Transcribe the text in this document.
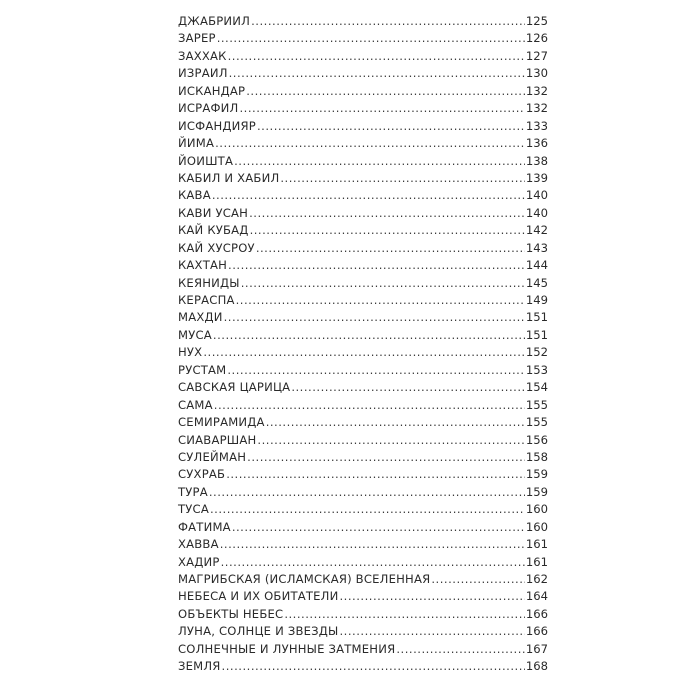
ДЖАБРИИЛ .....	125
ЗАРЕР .....	126
ЗАХХАК .....	127
ИЗРАИЛ .....	130
ИСКАНДАР .....	132
ИСРАФИЛ .....	132
ИСФАНДИЯР .....	133
ЙИМА .....	136
ЙОИШТА .....	138
КАБИЛ И ХАБИЛ .....	139
КАВА .....	140
КАВИ УСАН .....	140
КАЙ КУБАД .....	142
КАЙ ХУСРОУ .....	143
КАХТАН .....	144
КЕЯНИДЫ .....	145
КЕРАСПА .....	149
МАХДИ .....	151
МУСА .....	151
НУХ .....	152
РУСТАМ .....	153
САВСКАЯ ЦАРИЦА .....	154
САМА .....	155
СЕМИРАМИДА .....	155
СИАВАРШАН .....	156
СУЛЕЙМАН .....	158
СУХРАБ .....	159
ТУРА .....	159
ТУСА .....	160
ФАТИМА .....	160
ХАВВА .....	161
ХАДИР .....	161
МАГРИБСКАЯ (ИСЛАМСКАЯ) ВСЕЛЕННАЯ .....	162
НЕБЕСА И ИХ ОБИТАТЕЛИ .....	164
ОБЪЕКТЫ НЕБЕС .....	166
ЛУНА, СОЛНЦЕ И ЗВЕЗДЫ .....	166
СОЛНЕЧНЫЕ И ЛУННЫЕ ЗАТМЕНИЯ .....	167
ЗЕМЛЯ .....	168
